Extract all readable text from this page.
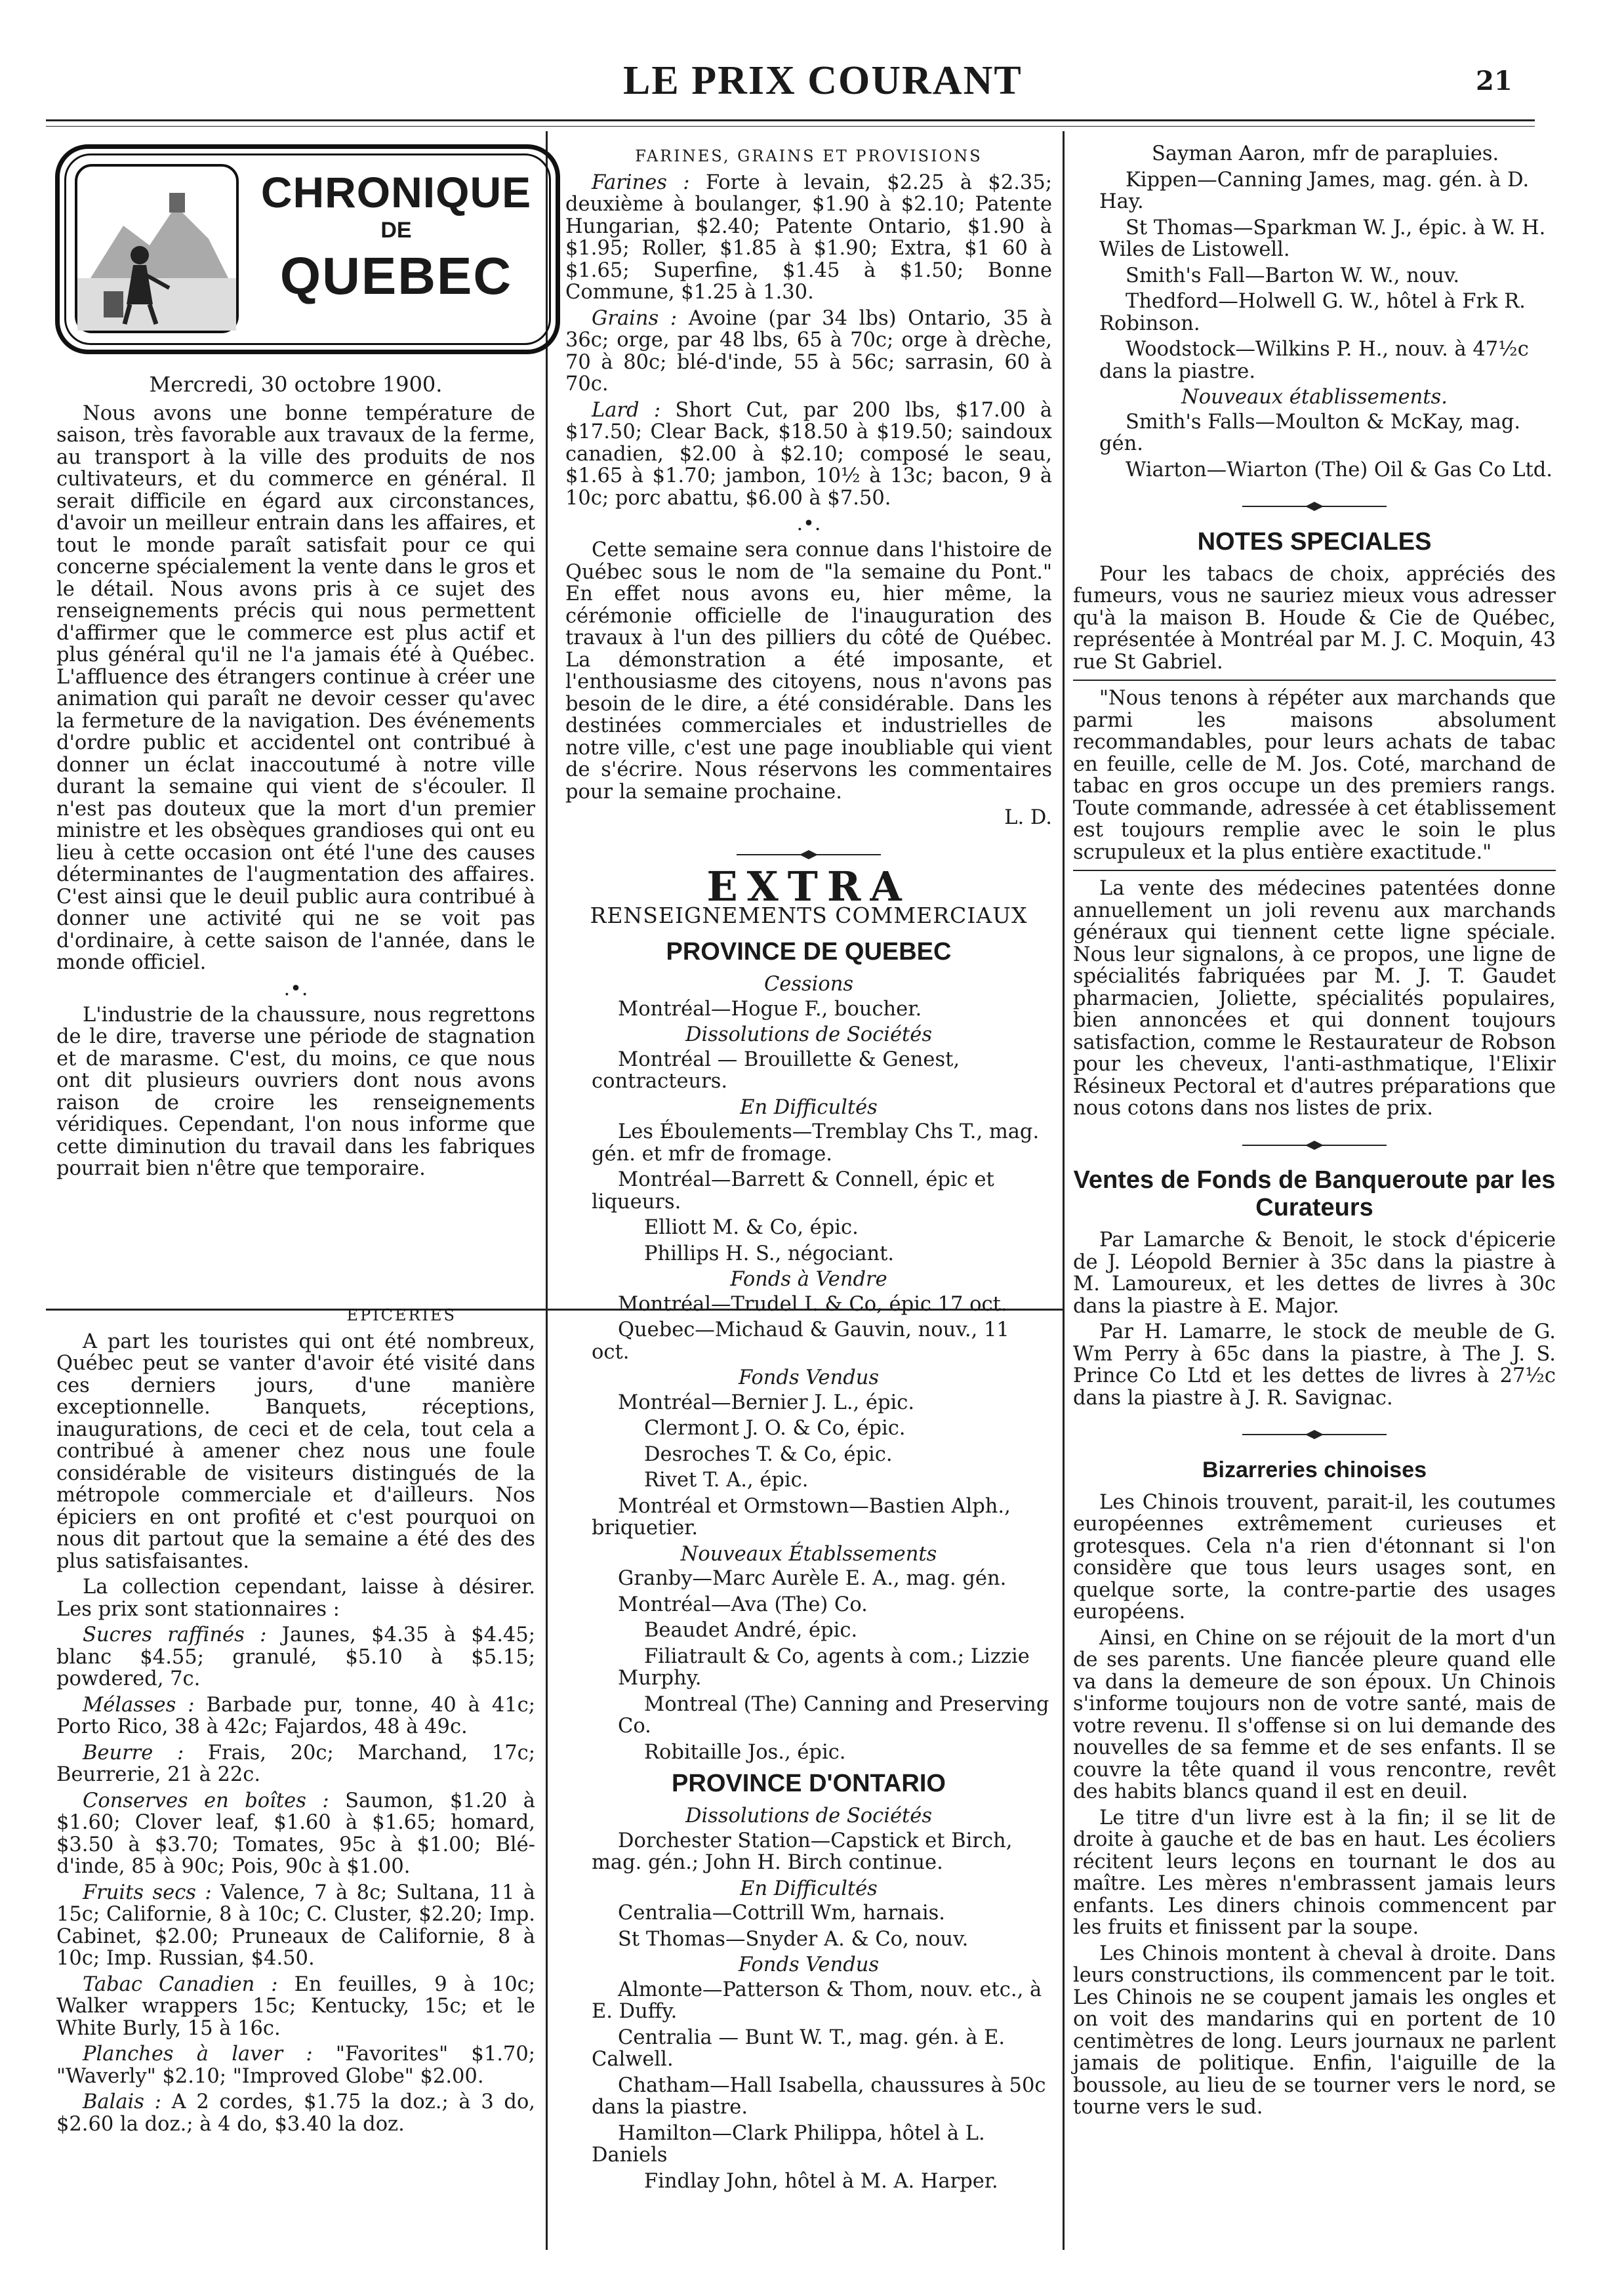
LE PRIX COURANT	21
CHRONIQUE
DE
QUEBEC

Mercredi, 30 octobre 1900.

Nous avons une bonne température de saison, très favorable aux travaux de la ferme, au transport à la ville des produits de nos cultivateurs, et du commerce en général. Il serait difficile en égard aux circonstances, d'avoir un meilleur entrain dans les affaires, et tout le monde paraît satisfait pour ce qui concerne spécialement la vente dans le gros et le détail. Nous avons pris à ce sujet des renseignements précis qui nous permettent d'affirmer que le commerce est plus actif et plus général qu'il ne l'a jamais été à Québec. L'affluence des étrangers continue à créer une animation qui paraît ne devoir cesser qu'avec la fermeture de la navigation. Des événements d'ordre public et accidentel ont contribué à donner un éclat inaccoutumé à notre ville durant la semaine qui vient de s'écouler. Il n'est pas douteux que la mort d'un premier ministre et les obsèques grandioses qui ont eu lieu à cette occasion ont été l'une des causes déterminantes de l'augmentation des affaires. C'est ainsi que le deuil public aura contribué à donner une activité qui ne se voit pas d'ordinaire, à cette saison de l'année, dans le monde officiel.

.•.

L'industrie de la chaussure, nous regrettons de le dire, traverse une période de stagnation et de marasme. C'est, du moins, ce que nous ont dit plusieurs ouvriers dont nous avons raison de croire les renseignements véridiques. Cependant, l'on nous informe que cette diminution du travail dans les fabriques pourrait bien n'être que temporaire.

EPICERIES

A part les touristes qui ont été nombreux, Québec peut se vanter d'avoir été visité dans ces derniers jours, d'une manière exceptionnelle. Banquets, réceptions, inaugurations, de ceci et de cela, tout cela a contribué à amener chez nous une foule considérable de visiteurs distingués de la métropole commerciale et d'ailleurs. Nos épiciers en ont profité et c'est pourquoi on nous dit partout que la semaine a été des des plus satisfaisantes.

La collection cependant, laisse à désirer. Les prix sont stationnaires :

Sucres raffinés : Jaunes, $4.35 à $4.45; blanc $4.55; granulé, $5.10 à $5.15; powdered, 7c.

Mélasses : Barbade pur, tonne, 40 à 41c; Porto Rico, 38 à 42c; Fajardos, 48 à 49c.

Beurre : Frais, 20c; Marchand, 17c; Beurrerie, 21 à 22c.

Conserves en boîtes : Saumon, $1.20 à $1.60; Clover leaf, $1.60 à $1.65; homard, $3.50 à $3.70; Tomates, 95c à $1.00; Blé-d'inde, 85 à 90c; Pois, 90c à $1.00.

Fruits secs : Valence, 7 à 8c; Sultana, 11 à 15c; Californie, 8 à 10c; C. Cluster, $2.20; Imp. Cabinet, $2.00; Pruneaux de Californie, 8 à 10c; Imp. Russian, $4.50.

Tabac Canadien : En feuilles, 9 à 10c; Walker wrappers 15c; Kentucky, 15c; et le White Burly, 15 à 16c.

Planches à laver : "Favorites" $1.70; "Waverly" $2.10; "Improved Globe" $2.00.

Balais : A 2 cordes, $1.75 la doz.; à 3 do, $2.60 la doz.; à 4 do, $3.40 la doz.

FARINES, GRAINS ET PROVISIONS

Farines : Forte à levain, $2.25 à $2.35; deuxième à boulanger, $1.90 à $2.10; Patente Hungarian, $2.40; Patente Ontario, $1.90 à $1.95; Roller, $1.85 à $1.90; Extra, $1 60 à $1.65; Superfine, $1.45 à $1.50; Bonne Commune, $1.25 à 1.30.

Grains : Avoine (par 34 lbs) Ontario, 35 à 36c; orge, par 48 lbs, 65 à 70c; orge à drèche, 70 à 80c; blé-d'inde, 55 à 56c; sarrasin, 60 à 70c.

Lard : Short Cut, par 200 lbs, $17.00 à $17.50; Clear Back, $18.50 à $19.50; saindoux canadien, $2.00 à $2.10; composé le seau, $1.65 à $1.70; jambon, 10½ à 13c; bacon, 9 à 10c; porc abattu, $6.00 à $7.50.

.•.

Cette semaine sera connue dans l'histoire de Québec sous le nom de "la semaine du Pont." En effet nous avons eu, hier même, la cérémonie officielle de l'inauguration des travaux à l'un des pilliers du côté de Québec. La démonstration a été imposante, et l'enthousiasme des citoyens, nous n'avons pas besoin de le dire, a été considérable. Dans les destinées commerciales et industrielles de notre ville, c'est une page inoubliable qui vient de s'écrire. Nous réservons les commentaires pour la semaine prochaine.

L. D.

EXTRA
RENSEIGNEMENTS COMMERCIAUX
PROVINCE DE QUEBEC
Cessions

Montréal—Hogue F., boucher.

Dissolutions de Sociétés

Montréal — Brouillette & Genest, contracteurs.

En Difficultés

Les Éboulements—Tremblay Chs T., mag. gén. et mfr de fromage.

Montréal—Barrett & Connell, épic et liqueurs.

Elliott M. & Co, épic.

Phillips H. S., négociant.

Fonds à Vendre

Montréal—Trudel I. & Co, épic 17 oct.

Quebec—Michaud & Gauvin, nouv., 11 oct.

Fonds Vendus

Montréal—Bernier J. L., épic.

Clermont J. O. & Co, épic.

Desroches T. & Co, épic.

Rivet T. A., épic.

Montréal et Ormstown—Bastien Alph., briquetier.

Nouveaux Établssements

Granby—Marc Aurèle E. A., mag. gén.

Montréal—Ava (The) Co.

Beaudet André, épic.

Filiatrault & Co, agents à com.; Lizzie Murphy.

Montreal (The) Canning and Preserving Co.

Robitaille Jos., épic.

PROVINCE D'ONTARIO
Dissolutions de Sociétés

Dorchester Station—Capstick et Birch, mag. gén.; John H. Birch continue.

En Difficultés

Centralia—Cottrill Wm, harnais.

St Thomas—Snyder A. & Co, nouv.

Fonds Vendus

Almonte—Patterson & Thom, nouv. etc., à E. Duffy.

Centralia — Bunt W. T., mag. gén. à E. Calwell.

Chatham—Hall Isabella, chaussures à 50c dans la piastre.

Hamilton—Clark Philippa, hôtel à L. Daniels

Findlay John, hôtel à M. A. Harper.

Sayman Aaron, mfr de parapluies.

Kippen—Canning James, mag. gén. à D. Hay.

St Thomas—Sparkman W. J., épic. à W. H. Wiles de Listowell.

Smith's Fall—Barton W. W., nouv.

Thedford—Holwell G. W., hôtel à Frk R. Robinson.

Woodstock—Wilkins P. H., nouv. à 47½c dans la piastre.

Nouveaux établissements.

Smith's Falls—Moulton & McKay, mag. gén.

Wiarton—Wiarton (The) Oil & Gas Co Ltd.

NOTES SPECIALES

Pour les tabacs de choix, appréciés des fumeurs, vous ne sauriez mieux vous adresser qu'à la maison B. Houde & Cie de Québec, représentée à Montréal par M. J. C. Moquin, 43 rue St Gabriel.

"Nous tenons à répéter aux marchands que parmi les maisons absolument recommandables, pour leurs achats de tabac en feuille, celle de M. Jos. Coté, marchand de tabac en gros occupe un des premiers rangs. Toute commande, adressée à cet établissement est toujours remplie avec le soin le plus scrupuleux et la plus entière exactitude."

La vente des médecines patentées donne annuellement un joli revenu aux marchands généraux qui tiennent cette ligne spéciale. Nous leur signalons, à ce propos, une ligne de spécialités fabriquées par M. J. T. Gaudet pharmacien, Joliette, spécialités populaires, bien annoncées et qui donnent toujours satisfaction, comme le Restaurateur de Robson pour les cheveux, l'anti-asthmatique, l'Elixir Résineux Pectoral et d'autres préparations que nous cotons dans nos listes de prix.

Ventes de Fonds de Banqueroute par les Curateurs

Par Lamarche & Benoit, le stock d'épicerie de J. Léopold Bernier à 35c dans la piastre à M. Lamoureux, et les dettes de livres à 30c dans la piastre à E. Major.

Par H. Lamarre, le stock de meuble de G. Wm Perry à 65c dans la piastre, à The J. S. Prince Co Ltd et les dettes de livres à 27½c dans la piastre à J. R. Savignac.

Bizarreries chinoises

Les Chinois trouvent, parait-il, les coutumes européennes extrêmement curieuses et grotesques. Cela n'a rien d'étonnant si l'on considère que tous leurs usages sont, en quelque sorte, la contre-partie des usages européens.

Ainsi, en Chine on se réjouit de la mort d'un de ses parents. Une fiancée pleure quand elle va dans la demeure de son époux. Un Chinois s'informe toujours non de votre santé, mais de votre revenu. Il s'offense si on lui demande des nouvelles de sa femme et de ses enfants. Il se couvre la tête quand il vous rencontre, revêt des habits blancs quand il est en deuil.

Le titre d'un livre est à la fin; il se lit de droite à gauche et de bas en haut. Les écoliers récitent leurs leçons en tournant le dos au maître. Les mères n'embrassent jamais leurs enfants. Les diners chinois commencent par les fruits et finissent par la soupe.

Les Chinois montent à cheval à droite. Dans leurs constructions, ils commencent par le toit. Les Chinois ne se coupent jamais les ongles et on voit des mandarins qui en portent de 10 centimètres de long. Leurs journaux ne parlent jamais de politique. Enfin, l'aiguille de la boussole, au lieu de se tourner vers le nord, se tourne vers le sud.
